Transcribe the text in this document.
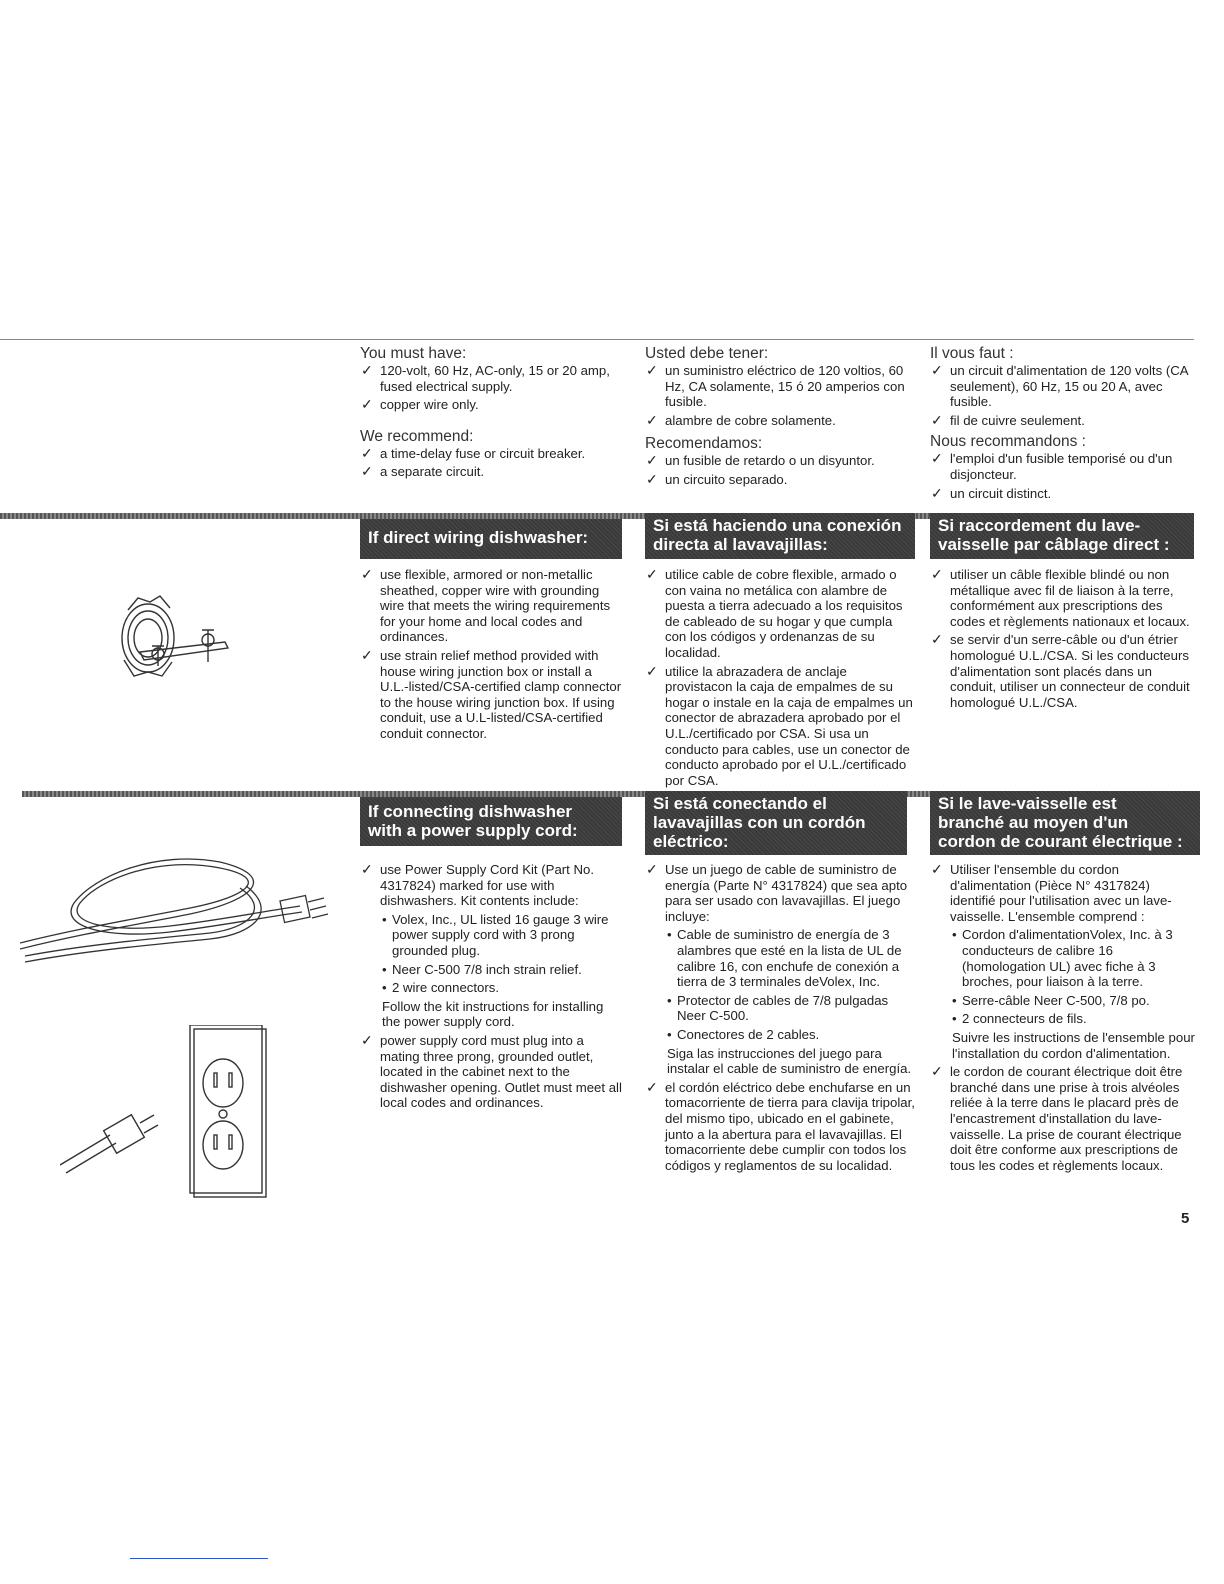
You must have:
✓ 120-volt, 60 Hz, AC-only, 15 or 20 amp, fused electrical supply.
✓ copper wire only.
We recommend:
✓ a time-delay fuse or circuit breaker.
✓ a separate circuit.
Usted debe tener:
✓ un suministro eléctrico de 120 voltios, 60 Hz, CA solamente, 15 ó 20 amperios con fusible.
✓ alambre de cobre solamente.
Recomendamos:
✓ un fusible de retardo o un disyuntor.
✓ un circuito separado.
Il vous faut :
✓ un circuit d'alimentation de 120 volts (CA seulement), 60 Hz, 15 ou 20 A, avec fusible.
✓ fil de cuivre seulement.
Nous recommandons :
✓ l'emploi d'un fusible temporisé ou d'un disjoncteur.
✓ un circuit distinct.
If direct wiring dishwasher:
Si está haciendo una conexión
directa al lavavajillas:
Si raccordement du lave-
vaisselle par câblage direct :
✓ use flexible, armored or non-metallic sheathed, copper wire with grounding wire that meets the wiring requirements for your home and local codes and ordinances.
✓ use strain relief method provided with house wiring junction box or install a U.L.-listed/CSA-certified clamp connector to the house wiring junction box. If using conduit, use a U.L-listed/CSA-certified conduit connector.
✓ utilice cable de cobre flexible, armado o con vaina no metálica con alambre de puesta a tierra adecuado a los requisitos de cableado de su hogar y que cumpla con los códigos y ordenanzas de su localidad.
✓ utilice la abrazadera de anclaje provistacon la caja de empalmes de su hogar o instale en la caja de empalmes un conector de abrazadera aprobado por el U.L./certificado por CSA. Si usa un conducto para cables, use un conector de conducto aprobado por el U.L./certificado por CSA.
✓ utiliser un câble flexible blindé ou non métallique avec fil de liaison à la terre, conformément aux prescriptions des codes et règlements nationaux et locaux.
✓ se servir d'un serre-câble ou d'un étrier homologué U.L./CSA. Si les conducteurs d'alimentation sont placés dans un conduit, utiliser un connecteur de conduit homologué U.L./CSA.
If connecting dishwasher
with a power supply cord:
Si está conectando el
lavavajillas con un cordón
eléctrico:
Si le lave-vaisselle est
branché au moyen d'un
cordon de courant électrique :
✓ use Power Supply Cord Kit (Part No. 4317824) marked for use with dishwashers. Kit contents include:
• Volex, Inc., UL listed 16 gauge 3 wire power supply cord with 3 prong grounded plug.
• Neer C-500 7/8 inch strain relief.
• 2 wire connectors.
Follow the kit instructions for installing the power supply cord.
✓ power supply cord must plug into a mating three prong, grounded outlet, located in the cabinet next to the dishwasher opening. Outlet must meet all local codes and ordinances.
✓ Use un juego de cable de suministro de energía (Parte N° 4317824) que sea apto para ser usado con lavavajillas. El juego incluye:
• Cable de suministro de energía de 3 alambres que esté en la lista de UL de calibre 16, con enchufe de conexión a tierra de 3 terminales deVolex, Inc.
• Protector de cables de 7/8 pulgadas Neer C-500.
• Conectores de 2 cables.
Siga las instrucciones del juego para instalar el cable de suministro de energía.
✓ el cordón eléctrico debe enchufarse en un tomacorriente de tierra para clavija tripolar, del mismo tipo, ubicado en el gabinete, junto a la abertura para el lavavajillas. El tomacorriente debe cumplir con todos los códigos y reglamentos de su localidad.
✓ Utiliser l'ensemble du cordon d'alimentation (Pièce N° 4317824) identifié pour l'utilisation avec un lave-vaisselle. L'ensemble comprend :
• Cordon d'alimentationVolex, Inc. à 3 conducteurs de calibre 16 (homologation UL) avec fiche à 3 broches, pour liaison à la terre.
• Serre-câble Neer C-500, 7/8 po.
• 2 connecteurs de fils.
Suivre les instructions de l'ensemble pour l'installation du cordon d'alimentation.
✓ le cordon de courant électrique doit être branché dans une prise à trois alvéoles reliée à la terre dans le placard près de l'encastrement d'installation du lave-vaisselle. La prise de courant électrique doit être conforme aux prescriptions de tous les codes et règlements locaux.
5
